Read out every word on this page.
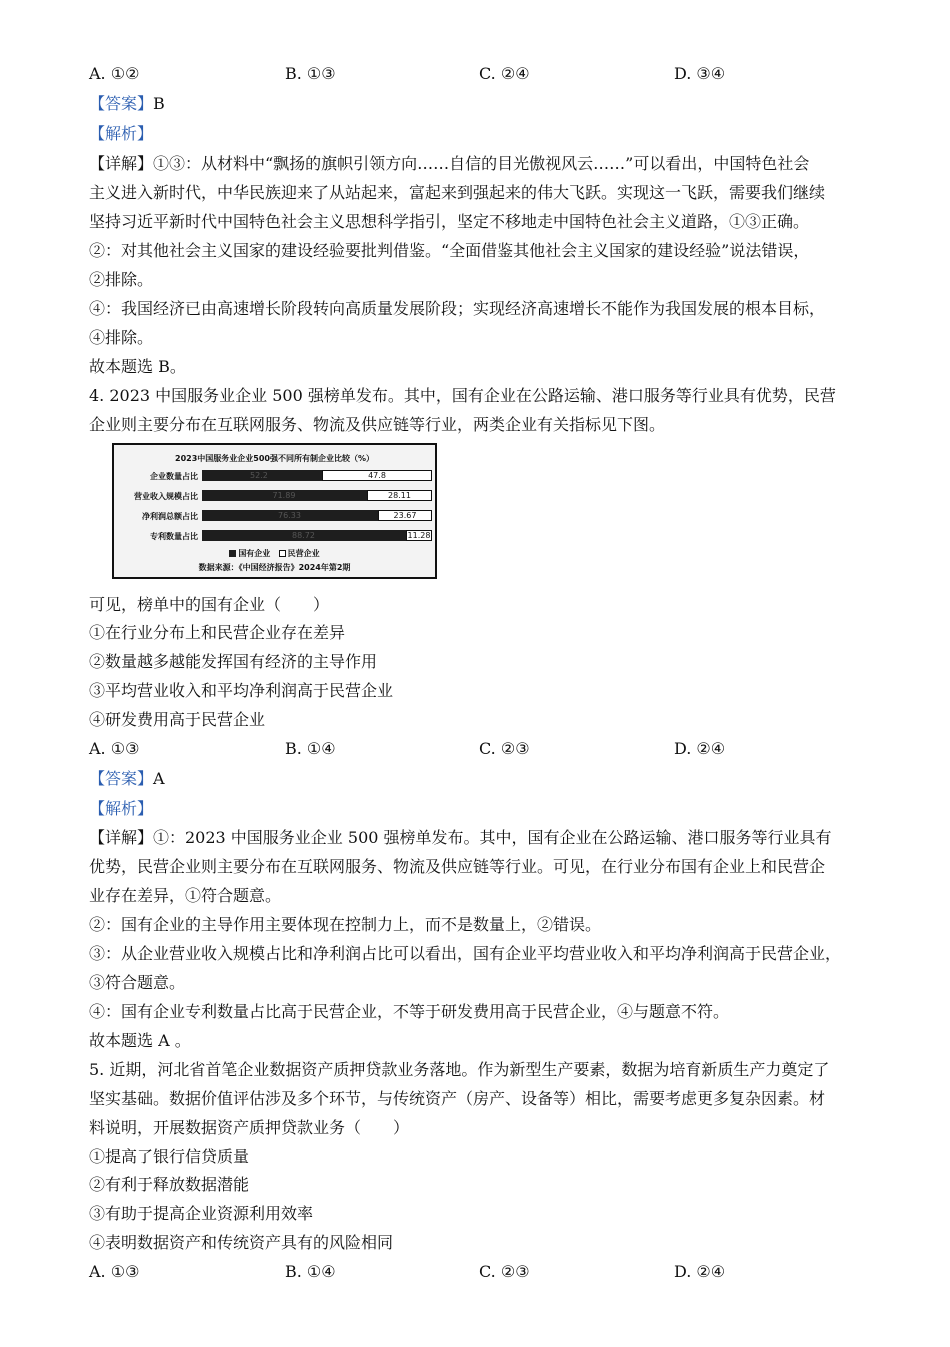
A. ①②	B. ①③	C. ②④	D. ③④
【答案】B
【解析】
【详解】①③：从材料中“飘扬的旗帜引领方向……自信的目光傲视风云……”可以看出，中国特色社会
主义进入新时代，中华民族迎来了从站起来，富起来到强起来的伟大飞跃。实现这一飞跃，需要我们继续
坚持习近平新时代中国特色社会主义思想科学指引，坚定不移地走中国特色社会主义道路，①③正确。
②：对其他社会主义国家的建设经验要批判借鉴。“全面借鉴其他社会主义国家的建设经验”说法错误，
②排除。
④：我国经济已由高速增长阶段转向高质量发展阶段；实现经济高速增长不能作为我国发展的根本目标，
④排除。
故本题选 B。
4. 2023 中国服务业企业 500 强榜单发布。其中，国有企业在公路运输、港口服务等行业具有优势，民营
企业则主要分布在互联网服务、物流及供应链等行业，两类企业有关指标见下图。
2023中国服务业企业500强不同所有制企业比较（%）
国有企业 民营企业
数据来源：《中国经济报告》2024年第2期
企业数量占比	52.2	47.8
营业收入规模占比	71.89	28.11
净利润总额占比	76.33	23.67
专利数量占比	88.72	11.28
可见，榜单中的国有企业（　　）
①在行业分布上和民营企业存在差异
②数量越多越能发挥国有经济的主导作用
③平均营业收入和平均净利润高于民营企业
④研发费用高于民营企业
A. ①③	B. ①④	C. ②③	D. ②④
【答案】A
【解析】
【详解】①：2023 中国服务业企业 500 强榜单发布。其中，国有企业在公路运输、港口服务等行业具有
优势，民营企业则主要分布在互联网服务、物流及供应链等行业。可见，在行业分布国有企业上和民营企
业存在差异，①符合题意。
②：国有企业的主导作用主要体现在控制力上，而不是数量上，②错误。
③：从企业营业收入规模占比和净利润占比可以看出，国有企业平均营业收入和平均净利润高于民营企业，
③符合题意。
④：国有企业专利数量占比高于民营企业，不等于研发费用高于民营企业，④与题意不符。
故本题选 A 。
5. 近期，河北省首笔企业数据资产质押贷款业务落地。作为新型生产要素，数据为培育新质生产力奠定了
坚实基础。数据价值评估涉及多个环节，与传统资产（房产、设备等）相比，需要考虑更多复杂因素。材
料说明，开展数据资产质押贷款业务（　　）
①提高了银行信贷质量
②有利于释放数据潜能
③有助于提高企业资源利用效率
④表明数据资产和传统资产具有的风险相同
A. ①③	B. ①④	C. ②③	D. ②④
